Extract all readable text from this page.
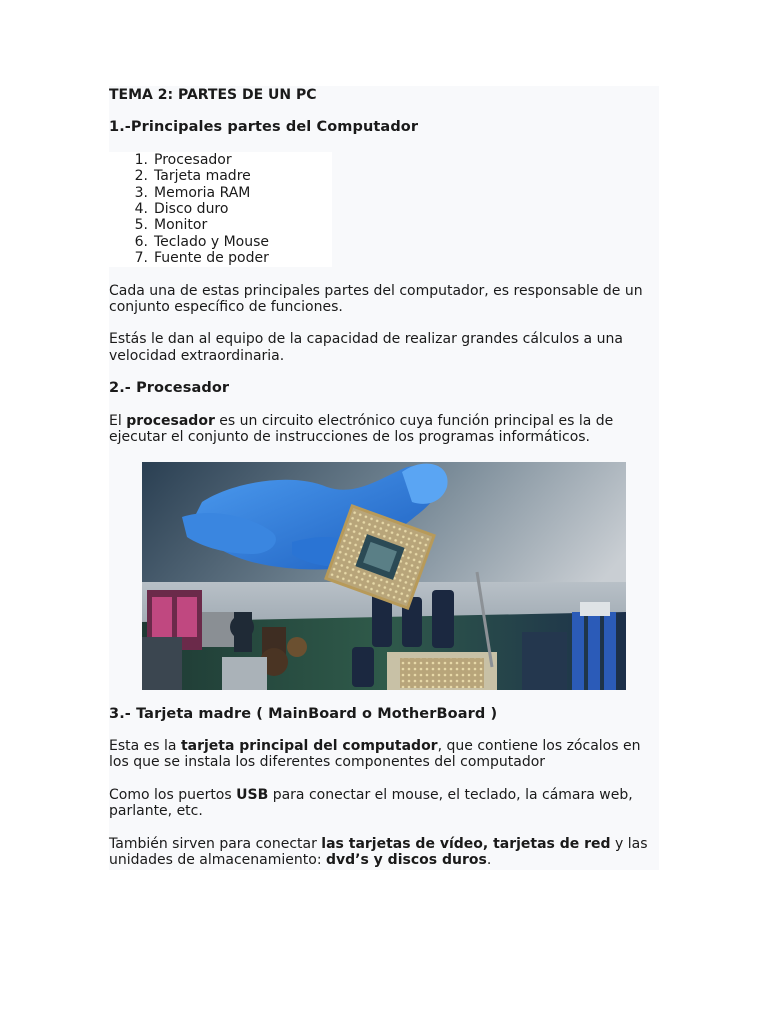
TEMA 2: PARTES DE UN PC
1.-Principales partes del Computador
Procesador
Tarjeta madre
Memoria RAM
Disco duro
Monitor
Teclado y Mouse
Fuente de poder

Cada una de estas principales partes del computador, es responsable de un conjunto específico de funciones.

Estás le dan al equipo de la capacidad de realizar grandes cálculos a una velocidad extraordinaria.

2.- Procesador

El procesador es un circuito electrónico cuya función principal es la de ejecutar el conjunto de instrucciones de los programas informáticos.

3.- Tarjeta madre ( MainBoard o MotherBoard )

Esta es la tarjeta principal del computador, que contiene los zócalos en los que se instala los diferentes componentes del computador

Como los puertos USB para conectar el mouse, el teclado, la cámara web, parlante, etc.

También sirven para conectar las tarjetas de vídeo, tarjetas de red y las unidades de almacenamiento: dvd’s y discos duros.
